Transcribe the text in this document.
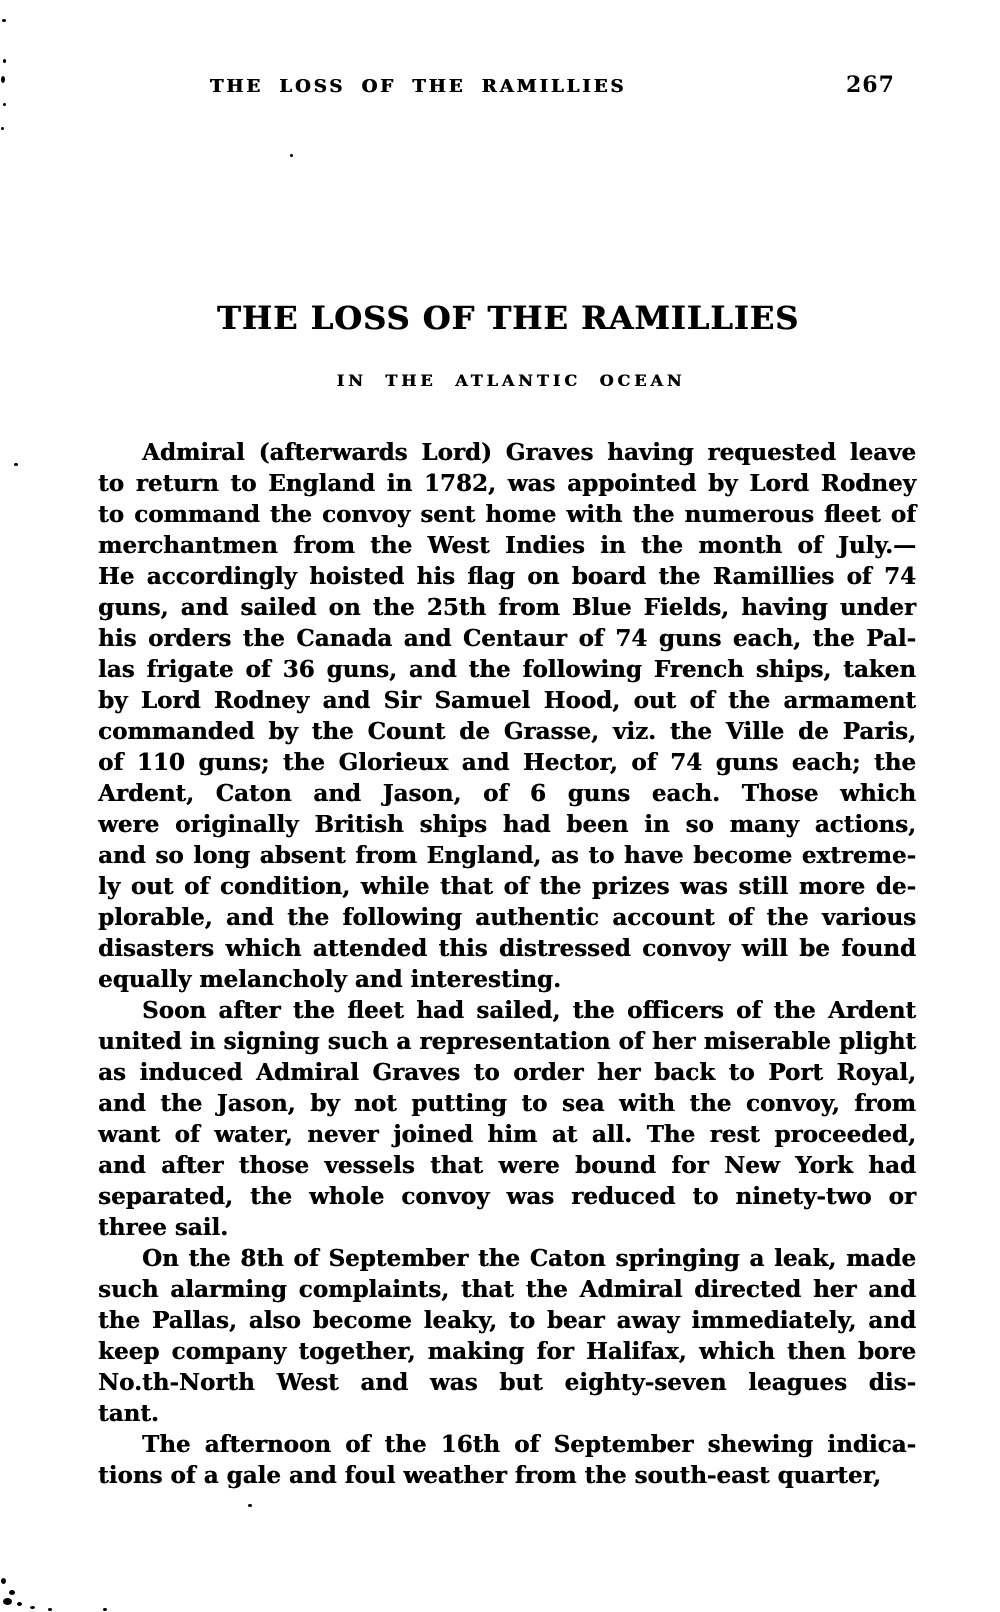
THE LOSS OF THE RAMILLIES	267
THE LOSS OF THE RAMILLIES
IN THE ATLANTIC OCEAN
Admiral (afterwards Lord) Graves having requested leave
to return to England in 1782, was appointed by Lord Rodney
to command the convoy sent home with the numerous fleet of
merchantmen from the West Indies in the month of July.—
He accordingly hoisted his flag on board the Ramillies of 74
guns, and sailed on the 25th from Blue Fields, having under
his orders the Canada and Centaur of 74 guns each, the Pal-
las frigate of 36 guns, and the following French ships, taken
by Lord Rodney and Sir Samuel Hood, out of the armament
commanded by the Count de Grasse, viz. the Ville de Paris,
of 110 guns; the Glorieux and Hector, of 74 guns each; the
Ardent, Caton and Jason, of 6 guns each. Those which
were originally British ships had been in so many actions,
and so long absent from England, as to have become extreme-
ly out of condition, while that of the prizes was still more de-
plorable, and the following authentic account of the various
disasters which attended this distressed convoy will be found
equally melancholy and interesting.
Soon after the fleet had sailed, the officers of the Ardent
united in signing such a representation of her miserable plight
as induced Admiral Graves to order her back to Port Royal,
and the Jason, by not putting to sea with the convoy, from
want of water, never joined him at all. The rest proceeded,
and after those vessels that were bound for New York had
separated, the whole convoy was reduced to ninety-two or
three sail.
On the 8th of September the Caton springing a leak, made
such alarming complaints, that the Admiral directed her and
the Pallas, also become leaky, to bear away immediately, and
keep company together, making for Halifax, which then bore
No.th-North West and was but eighty-seven leagues dis-
tant.
The afternoon of the 16th of September shewing indica-
tions of a gale and foul weather from the south-east quarter,
